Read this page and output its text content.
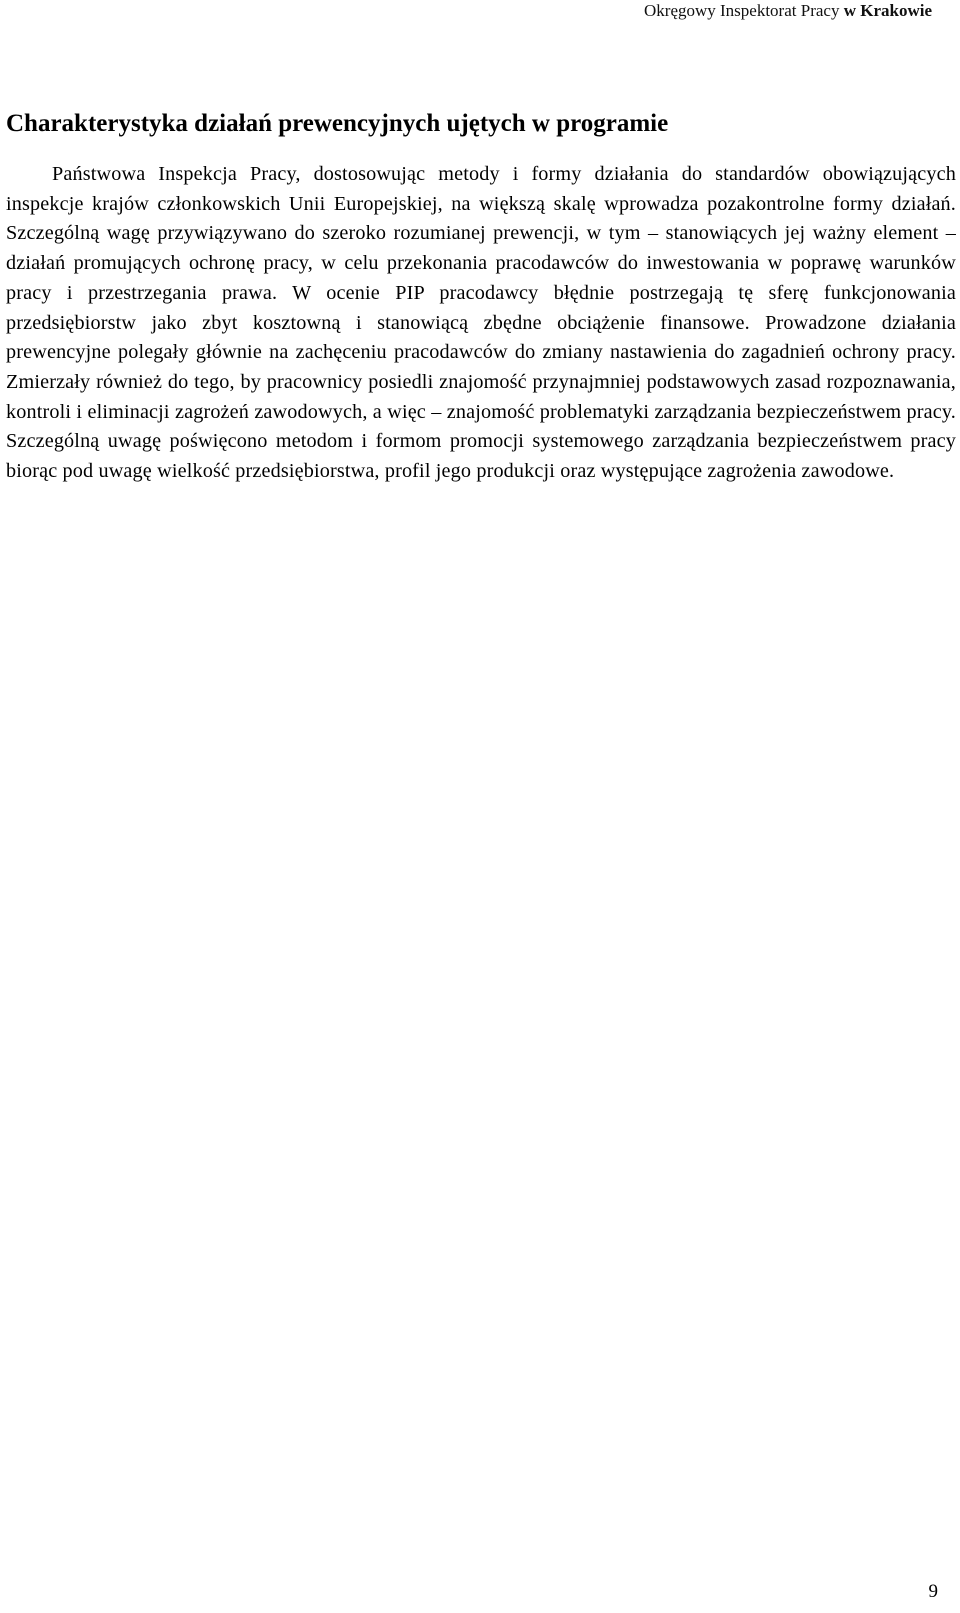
Okręgowy Inspektorat Pracy w Krakowie
Charakterystyka działań prewencyjnych ujętych w programie

Państwowa Inspekcja Pracy, dostosowując metody i formy działania do standardów obowiązujących inspekcje krajów członkowskich Unii Europejskiej, na większą skalę wprowadza pozakontrolne formy działań. Szczególną wagę przywiązywano do szeroko rozumianej prewencji, w tym – stanowiących jej ważny element – działań promujących ochronę pracy, w celu przekonania pracodawców do inwestowania w poprawę warunków pracy i przestrzegania prawa. W ocenie PIP pracodawcy błędnie postrzegają tę sferę funkcjonowania przedsiębiorstw jako zbyt kosztowną i stanowiącą zbędne obciążenie finansowe. Prowadzone działania prewencyjne polegały głównie na zachęceniu pracodawców do zmiany nastawienia do zagadnień ochrony pracy. Zmierzały również do tego, by pracownicy posiedli znajomość przynajmniej podstawowych zasad rozpoznawania, kontroli i eliminacji zagrożeń zawodowych, a więc – znajomość problematyki zarządzania bezpieczeństwem pracy. Szczególną uwagę poświęcono metodom i formom promocji systemowego zarządzania bezpieczeństwem pracy biorąc pod uwagę wielkość przedsiębiorstwa, profil jego produkcji oraz występujące zagrożenia zawodowe.

9
